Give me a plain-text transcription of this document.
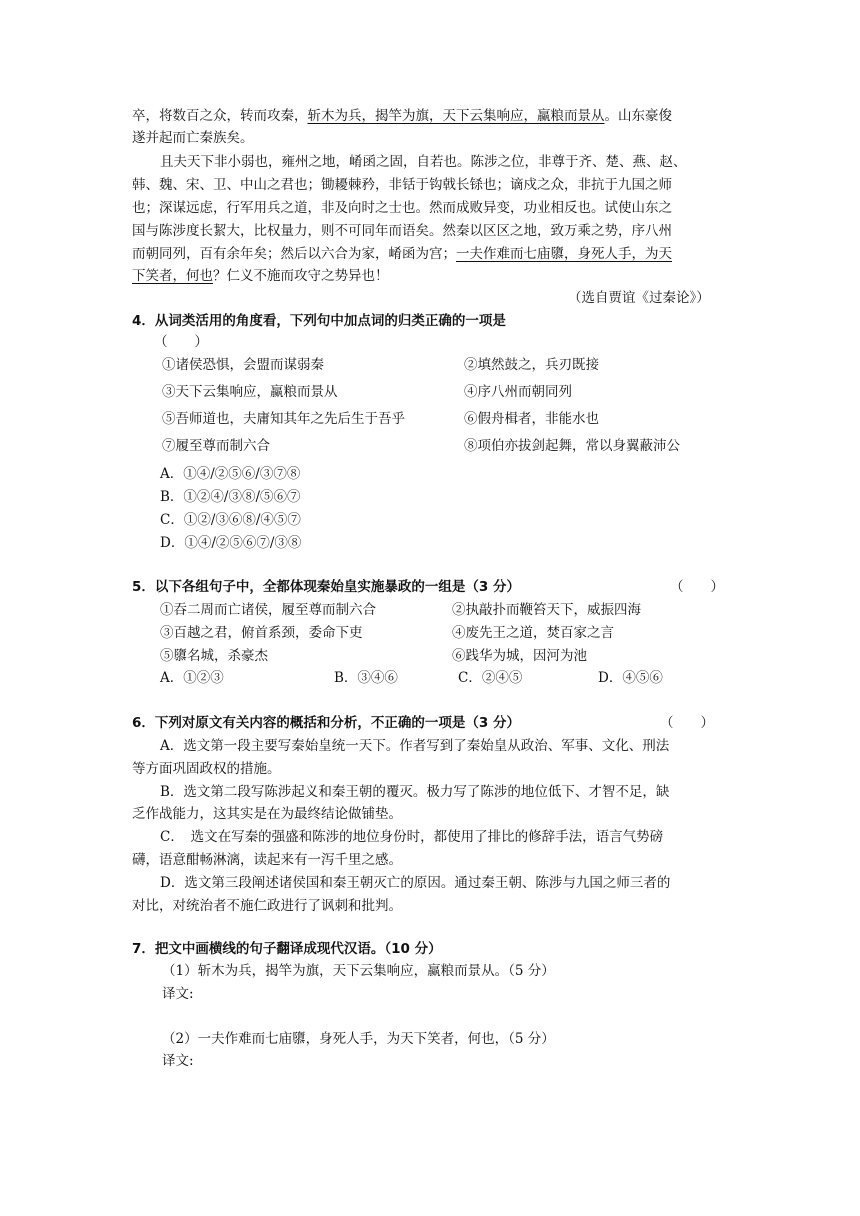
卒，将数百之众，转而攻秦，斩木为兵，揭竿为旗，天下云集响应，赢粮而景从。山东豪俊
遂并起而亡秦族矣。
且夫天下非小弱也，雍州之地，崤函之固，自若也。陈涉之位，非尊于齐、楚、燕、赵、
韩、魏、宋、卫、中山之君也；锄耰棘矜，非铦于钩戟长铩也；谪戍之众，非抗于九国之师
也；深谋远虑，行军用兵之道，非及向时之士也。然而成败异变，功业相反也。试使山东之
国与陈涉度长絜大，比权量力，则不可同年而语矣。然秦以区区之地，致万乘之势，序八州
而朝同列，百有余年矣；然后以六合为家，崤函为宫；一夫作难而七庙隳，身死人手，为天
下笑者，何也？仁义不施而攻守之势异也！
（选自贾谊《过秦论》）
4．从词类活用的角度看，下列句中加点词的归类正确的一项是
（　　）
①诸侯恐惧，会盟而谋弱秦	②填然鼓之，兵刃既接
③天下云集响应，赢粮而景从	④序八州而朝同列
⑤吾师道也，夫庸知其年之先后生于吾乎	⑥假舟楫者，非能水也
⑦履至尊而制六合	⑧项伯亦拔剑起舞，常以身翼蔽沛公
A．①④/②⑤⑥/③⑦⑧
B．①②④/③⑧/⑤⑥⑦
C．①②/③⑥⑧/④⑤⑦
D．①④/②⑤⑥⑦/③⑧
5．以下各组句子中，全都体现秦始皇实施暴政的一组是（3 分）	（　　）
①吞二周而亡诸侯，履至尊而制六合	②执敲扑而鞭笞天下，威振四海
③百越之君，俯首系颈，委命下吏	④废先王之道，焚百家之言
⑤隳名城，杀豪杰	⑥践华为城，因河为池
A．①②③	B．③④⑥	C．②④⑤	D．④⑤⑥
6．下列对原文有关内容的概括和分析，不正确的一项是（3 分）	（　　）
A．选文第一段主要写秦始皇统一天下。作者写到了秦始皇从政治、军事、文化、刑法
等方面巩固政权的措施。
B．选文第二段写陈涉起义和秦王朝的覆灭。极力写了陈涉的地位低下、才智不足，缺
乏作战能力，这其实是在为最终结论做铺垫。
C．　选文在写秦的强盛和陈涉的地位身份时，都使用了排比的修辞手法，语言气势磅
礴，语意酣畅淋漓，读起来有一泻千里之感。
D．选文第三段阐述诸侯国和秦王朝灭亡的原因。通过秦王朝、陈涉与九国之师三者的
对比，对统治者不施仁政进行了讽刺和批判。
7．把文中画横线的句子翻译成现代汉语。（10 分）
（1）斩木为兵，揭竿为旗，天下云集响应，赢粮而景从。（5 分）
译文:
（2）一夫作难而七庙隳，身死人手，为天下笑者，何也，（5 分）
译文:
